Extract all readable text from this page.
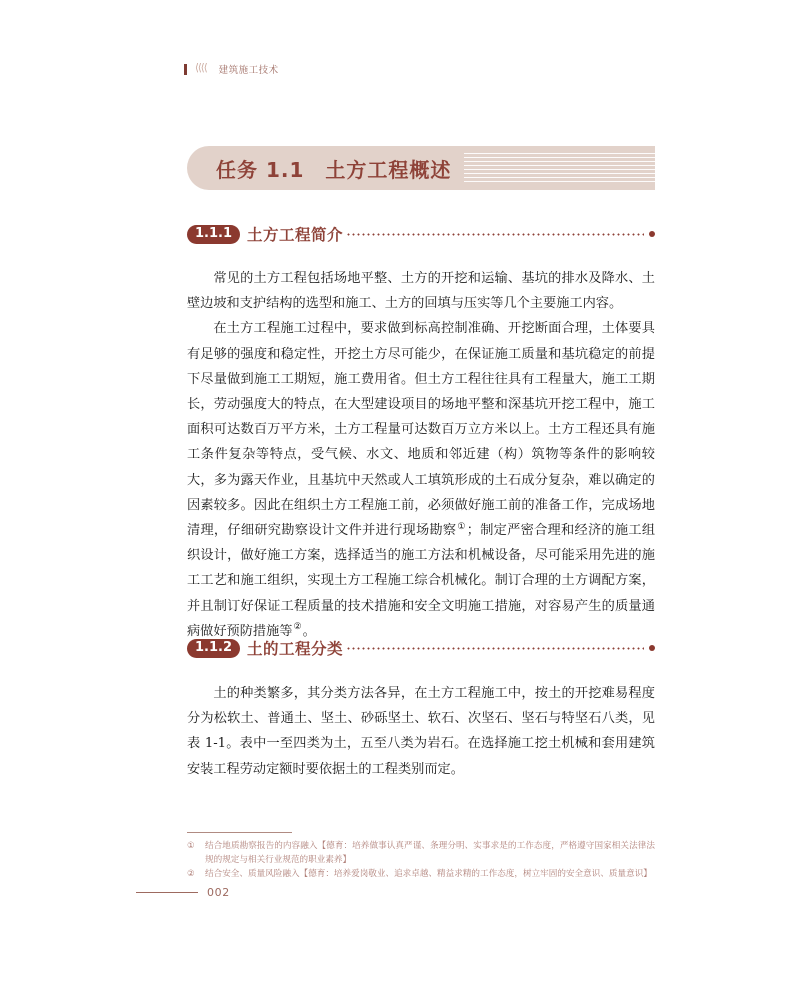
⟨⟨⟨⟨ 建筑施工技术
任务 1.1　土方工程概述
1.1.1 土方工程简介

常见的土方工程包括场地平整、土方的开挖和运输、基坑的排水及降水、土壁边坡和支护结构的选型和施工、土方的回填与压实等几个主要施工内容。

在土方工程施工过程中，要求做到标高控制准确、开挖断面合理，土体要具有足够的强度和稳定性，开挖土方尽可能少，在保证施工质量和基坑稳定的前提下尽量做到施工工期短，施工费用省。但土方工程往往具有工程量大，施工工期长，劳动强度大的特点，在大型建设项目的场地平整和深基坑开挖工程中，施工面积可达数百万平方米，土方工程量可达数百万立方米以上。土方工程还具有施工条件复杂等特点，受气候、水文、地质和邻近建（构）筑物等条件的影响较大，多为露天作业，且基坑中天然或人工填筑形成的土石成分复杂，难以确定的因素较多。因此在组织土方工程施工前，必须做好施工前的准备工作，完成场地清理，仔细研究勘察设计文件并进行现场勘察①；制定严密合理和经济的施工组织设计，做好施工方案，选择适当的施工方法和机械设备，尽可能采用先进的施工工艺和施工组织，实现土方工程施工综合机械化。制订合理的土方调配方案，并且制订好保证工程质量的技术措施和安全文明施工措施，对容易产生的质量通病做好预防措施等②。

1.1.2 土的工程分类

土的种类繁多，其分类方法各异，在土方工程施工中，按土的开挖难易程度分为松软土、普通土、坚土、砂砾坚土、软石、次坚石、坚石与特坚石八类，见表 1-1。表中一至四类为土，五至八类为岩石。在选择施工挖土机械和套用建筑安装工程劳动定额时要依据土的工程类别而定。

①	结合地质勘察报告的内容融入【德育：培养做事认真严谨、条理分明、实事求是的工作态度，严格遵守国家相关法律法规的规定与相关行业规范的职业素养】
②	结合安全、质量风险融入【德育：培养爱岗敬业、追求卓越、精益求精的工作态度，树立牢固的安全意识、质量意识】
002
